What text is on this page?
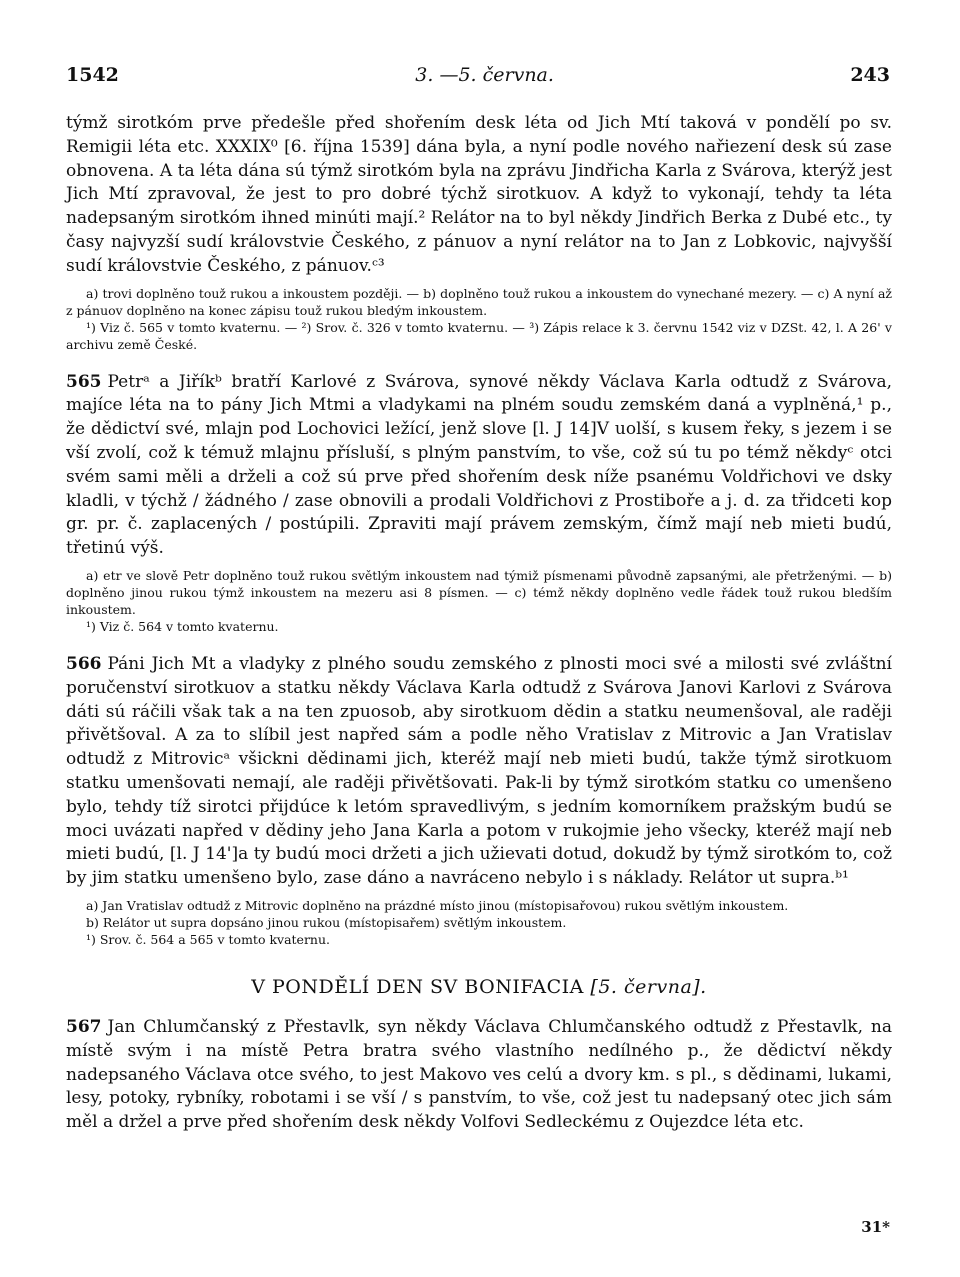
1542	3. —5. června.	243

týmž sirotkóm prve předešle před shořením desk léta od Jich Mtí taková v pondělí po sv. Remigii léta etc. XXXIX⁰ [6. října 1539] dána byla, a nyní podle nového nařiezení desk sú zase obnovena. A ta léta dána sú týmž sirotkóm byla na zprávu Jindřicha Karla z Svárova, kterýž jest Jich Mtí zpravoval, že jest to pro dobré týchž sirotkuov. A když to vykonají, tehdy ta léta nadepsaným sirotkóm ihned minúti mají.² Relátor na to byl někdy Jindřich Berka z Dubé etc., ty časy najvyzší sudí královstvie Českého, z pánuov a nyní relátor na to Jan z Lobkovic, najvyšší sudí královstvie Českého, z pánuov.ᶜ³

a) trovi doplněno touž rukou a inkoustem později. — b) doplněno touž rukou a inkoustem do vynechané mezery. — c) A nyní až z pánuov doplněno na konec zápisu touž rukou bledým inkoustem.

¹) Viz č. 565 v tomto kvaternu. — ²) Srov. č. 326 v tomto kvaternu. — ³) Zápis relace k 3. červnu 1542 viz v DZSt. 42, l. A 26' v archivu země České.

565 Petrᵃ a Jiříkᵇ bratří Karlové z Svárova, synové někdy Václava Karla odtudž z Svárova, majíce léta na to pány Jich Mtmi a vladykami na plném soudu zemském daná a vyplněná,¹ p., že dědictví své, mlajn pod Lochovici ležící, jenž slove [l. J 14]V uolší, s kusem řeky, s jezem i se vší zvolí, což k témuž mlajnu přísluší, s plným panstvím, to vše, což sú tu po témž někdyᶜ otci svém sami měli a drželi a což sú prve před shořením desk níže psanému Voldřichovi ve dsky kladli, v týchž / žádného / zase obnovili a prodali Voldřichovi z Prostiboře a j. d. za třidceti kop gr. pr. č. zaplacených / postúpili. Zpraviti mají právem zemským, čímž mají neb mieti budú, třetinú výš.

a) etr ve slově Petr doplněno touž rukou světlým inkoustem nad týmiž písmenami původně zapsanými, ale přetrženými. — b) doplněno jinou rukou týmž inkoustem na mezeru asi 8 písmen. — c) témž někdy doplněno vedle řádek touž rukou bledším inkoustem.

¹) Viz č. 564 v tomto kvaternu.

566 Páni Jich Mt a vladyky z plného soudu zemského z plnosti moci své a milosti své zvláštní poručenství sirotkuov a statku někdy Václava Karla odtudž z Svárova Janovi Karlovi z Svárova dáti sú ráčili však tak a na ten zpuosob, aby sirotkuom dědin a statku neumenšoval, ale raději přivětšoval. A za to slíbil jest napřed sám a podle něho Vratislav z Mitrovic a Jan Vratislav odtudž z Mitrovicᵃ všickni dědinami jich, kteréž mají neb mieti budú, takže týmž sirotkuom statku umenšovati nemají, ale raději přivětšovati. Pak-li by týmž sirotkóm statku co umenšeno bylo, tehdy tíž sirotci přijdúce k letóm spravedlivým, s jedním komorníkem pražským budú se moci uvázati napřed v dědiny jeho Jana Karla a potom v rukojmie jeho všecky, kteréž mají neb mieti budú, [l. J 14']a ty budú moci držeti a jich užievati dotud, dokudž by týmž sirotkóm to, což by jim statku umenšeno bylo, zase dáno a navráceno nebylo i s náklady. Relátor ut supra.ᵇ¹

a) Jan Vratislav odtudž z Mitrovic doplněno na prázdné místo jinou (místopisařovou) rukou světlým inkoustem.

b) Relátor ut supra dopsáno jinou rukou (místopisařem) světlým inkoustem.

¹) Srov. č. 564 a 565 v tomto kvaternu.

V PONDĚLÍ DEN SV BONIFACIA [5. června].

567 Jan Chlumčanský z Přestavlk, syn někdy Václava Chlumčanského odtudž z Přestavlk, na místě svým i na místě Petra bratra svého vlastního nedílného p., že dědictví někdy nadepsaného Václava otce svého, to jest Makovo ves celú a dvory km. s pl., s dědinami, lukami, lesy, potoky, rybníky, robotami i se vší / s panstvím, to vše, což jest tu nadepsaný otec jich sám měl a držel a prve před shořením desk někdy Volfovi Sedleckému z Oujezdce léta etc.

31*
